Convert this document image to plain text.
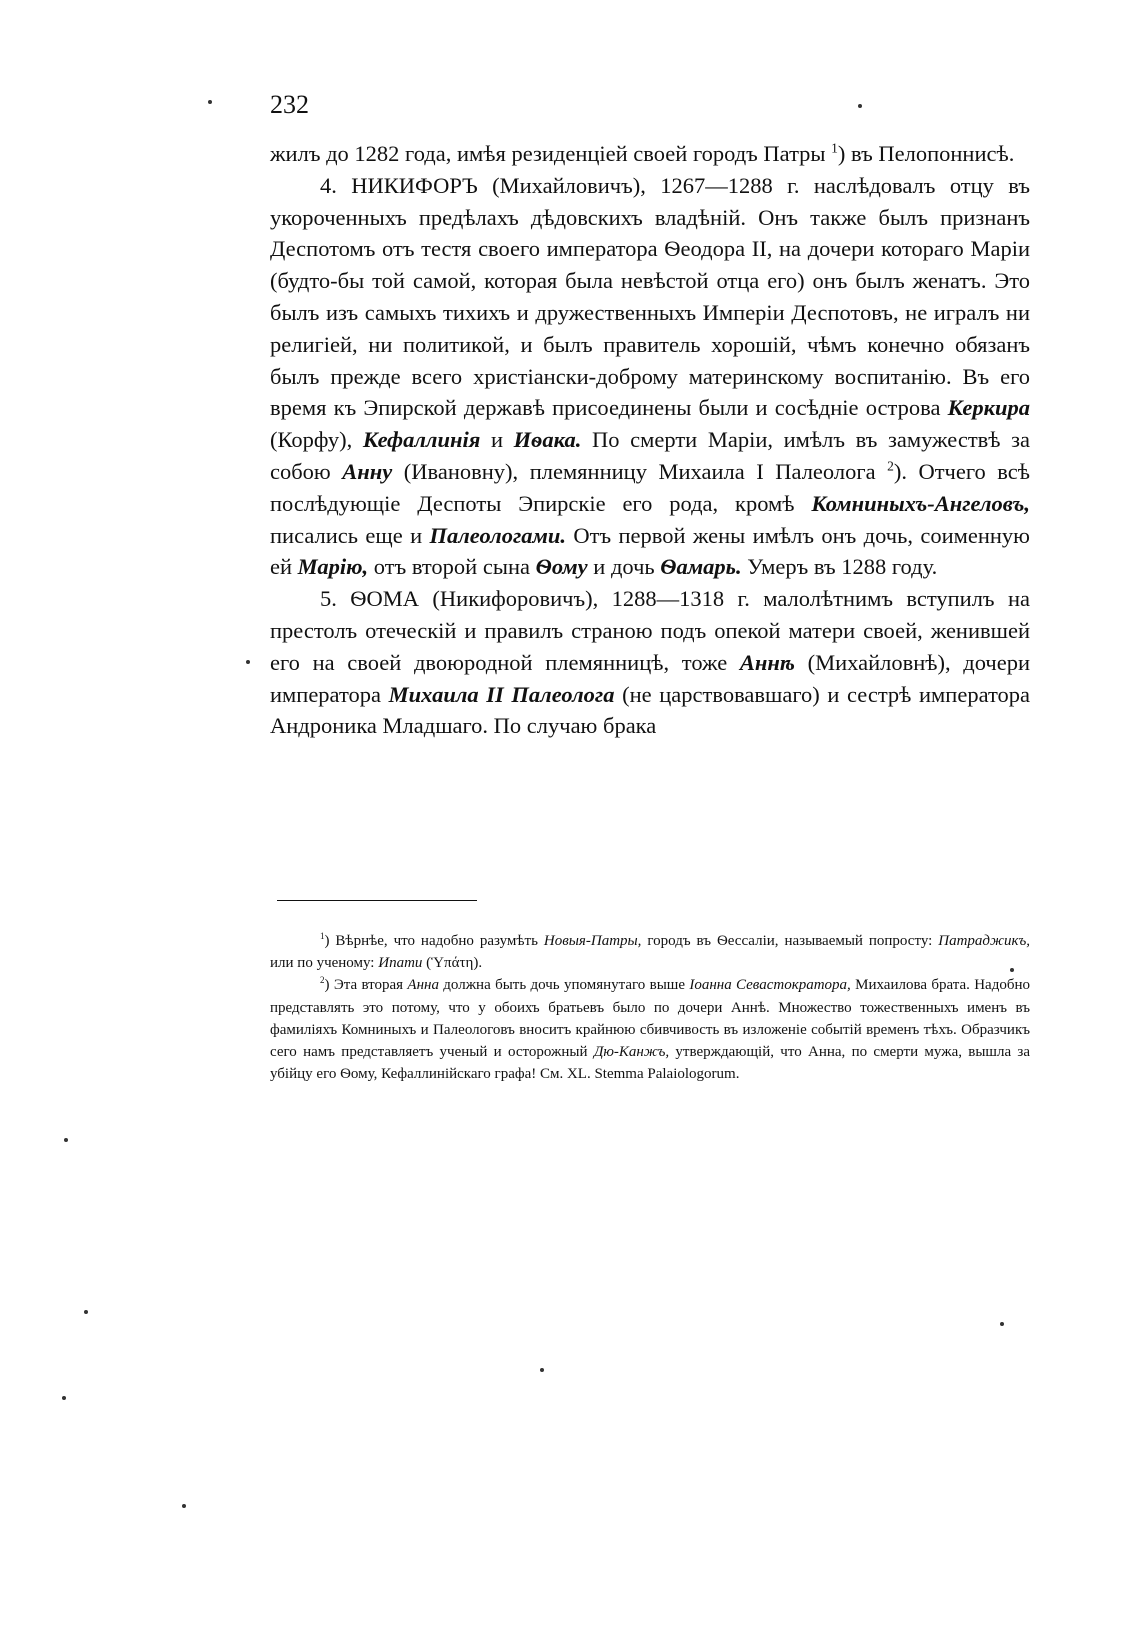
232

жилъ до 1282 года, имѣя резиденціей своей городъ Патры $^1$) въ Пелопоннисѣ.

4. НИКИФОРЪ (Михайловичъ), 1267—1288 г. наслѣдовалъ отцу въ укороченныхъ предѣлахъ дѣдовскихъ владѣній. Онъ также былъ признанъ Деспотомъ отъ тестя своего императора Ѳеодора II, на дочери котораго Маріи (будто-бы той самой, которая была невѣстой отца его) онъ былъ женатъ. Это былъ изъ самыхъ тихихъ и дружественныхъ Имперіи Деспотовъ, не игралъ ни религіей, ни политикой, и былъ правитель хорошій, чѣмъ конечно обязанъ былъ прежде всего христіански-доброму материнскому воспитанію. Въ его время къ Эпирской державѣ присоединены были и сосѣдніе острова Керкира (Корфу), Кефаллинія и Иѳака. По смерти Маріи, имѣлъ въ замужествѣ за собою Анну (Ивановну), племянницу Михаила I Палеолога $^2$). Отчего всѣ послѣдующіе Деспоты Эпирскіе его рода, кромѣ Комниныхъ-Ангеловъ, писались еще и Палеологами. Отъ первой жены имѣлъ онъ дочь, соименную ей Марію, отъ второй сына Ѳому и дочь Ѳамарь. Умеръ въ 1288 году.

5. ѲОМА (Никифоровичъ), 1288—1318 г. малолѣтнимъ вступилъ на престолъ отеческій и правилъ страною подъ опекой матери своей, женившей его на своей двоюродной племянницѣ, тоже Аннѣ (Михайловнѣ), дочери императора Михаила II Палеолога (не царствовавшаго) и сестрѣ императора Андроника Младшаго. По случаю брака

$^1$) Вѣрнѣе, что надобно разумѣть Новыя-Патры, городъ въ Ѳессаліи, называемый попросту: Патраджикъ, или по ученому: Ипати (Ὑπάτη).

$^2$) Эта вторая Анна должна быть дочь упомянутаго выше Іоанна Севастократора, Михаилова брата. Надобно представлять это потому, что у обоихъ братьевъ было по дочери Аннѣ. Множество тожественныхъ именъ въ фамиліяхъ Комниныхъ и Палеологовъ вноситъ крайнюю сбивчивость въ изложеніе событій временъ тѣхъ. Образчикъ сего намъ представляетъ ученый и осторожный Дю-Канжъ, утверждающій, что Анна, по смерти мужа, вышла за убійцу его Ѳому, Кефаллинійскаго графа! См. XL. Stemma Palaiologorum.
